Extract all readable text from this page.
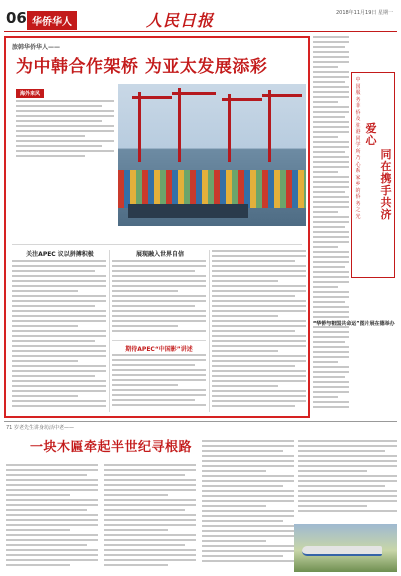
06 华侨华人	人民日报	2018年11月19日 星期一
旅韩华侨华人——
为中韩合作架桥 为亚太发展添彩
海外来风
关注APEC 议以拼搏积极	展现融入世界自信
期待APEC“中国影”讲述
中国服务菲侨及驻港同学所乃心系家乡的侨务之光
爱心
同在携手共济
“华侨与祖国共命运”图片展在德举办
71 岁老先生讲身坊活中老——
一块木匾牵起半世纪寻根路
